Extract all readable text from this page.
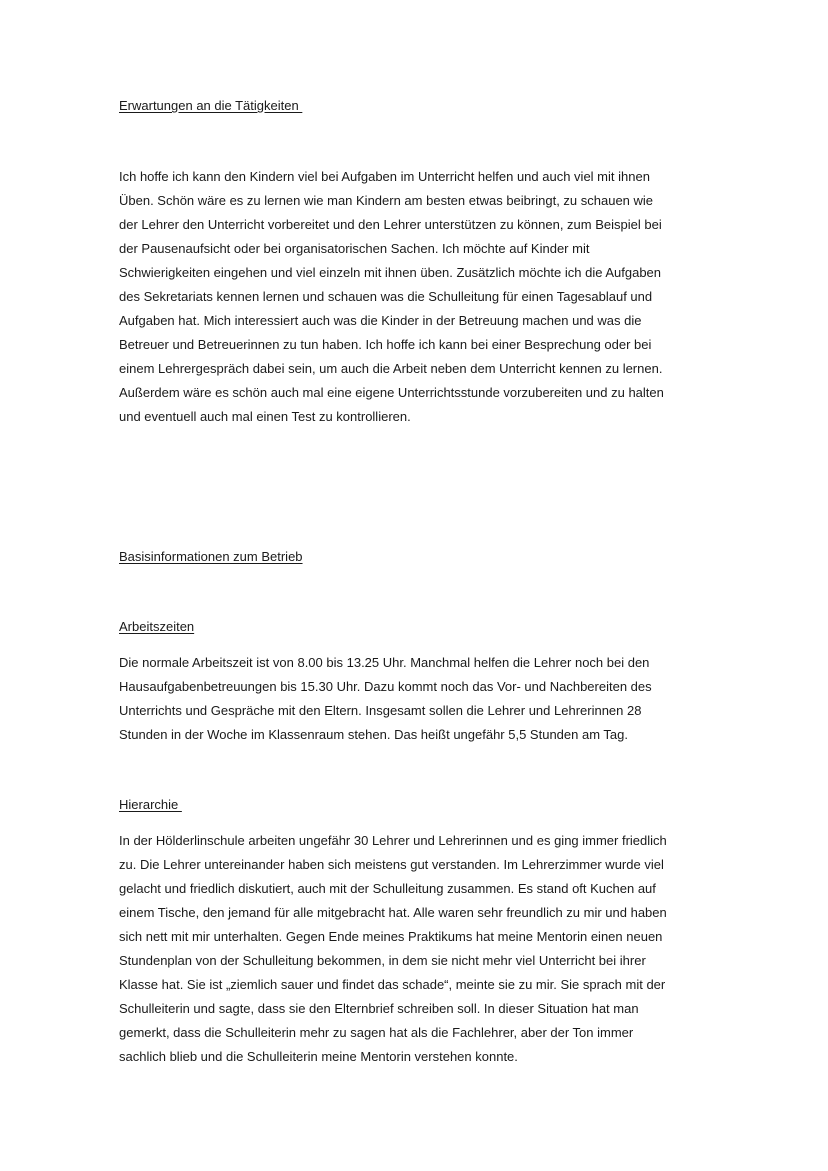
Erwartungen an die Tätigkeiten
Ich hoffe ich kann den Kindern viel bei Aufgaben im Unterricht helfen und auch viel mit ihnen
Üben. Schön wäre es zu lernen wie man Kindern am besten etwas beibringt, zu schauen wie
der Lehrer den Unterricht vorbereitet und den Lehrer unterstützen zu können, zum Beispiel bei
der Pausenaufsicht oder bei organisatorischen Sachen. Ich möchte auf Kinder mit
Schwierigkeiten eingehen und viel einzeln mit ihnen üben. Zusätzlich möchte ich die Aufgaben
des Sekretariats kennen lernen und schauen was die Schulleitung für einen Tagesablauf und
Aufgaben hat. Mich interessiert auch was die Kinder in der Betreuung machen und was die
Betreuer und Betreuerinnen zu tun haben. Ich hoffe ich kann bei einer Besprechung oder bei
einem Lehrergespräch dabei sein, um auch die Arbeit neben dem Unterricht kennen zu lernen.
Außerdem wäre es schön auch mal eine eigene Unterrichtsstunde vorzubereiten und zu halten
und eventuell auch mal einen Test zu kontrollieren.
Basisinformationen zum Betrieb
Arbeitszeiten
Die normale Arbeitszeit ist von 8.00 bis 13.25 Uhr. Manchmal helfen die Lehrer noch bei den
Hausaufgabenbetreuungen bis 15.30 Uhr. Dazu kommt noch das Vor- und Nachbereiten des
Unterrichts und Gespräche mit den Eltern. Insgesamt sollen die Lehrer und Lehrerinnen 28
Stunden in der Woche im Klassenraum stehen. Das heißt ungefähr 5,5 Stunden am Tag.
Hierarchie
In der Hölderlinschule arbeiten ungefähr 30 Lehrer und Lehrerinnen und es ging immer friedlich
zu. Die Lehrer untereinander haben sich meistens gut verstanden. Im Lehrerzimmer wurde viel
gelacht und friedlich diskutiert, auch mit der Schulleitung zusammen. Es stand oft Kuchen auf
einem Tische, den jemand für alle mitgebracht hat. Alle waren sehr freundlich zu mir und haben
sich nett mit mir unterhalten. Gegen Ende meines Praktikums hat meine Mentorin einen neuen
Stundenplan von der Schulleitung bekommen, in dem sie nicht mehr viel Unterricht bei ihrer
Klasse hat. Sie ist „ziemlich sauer und findet das schade“, meinte sie zu mir. Sie sprach mit der
Schulleiterin und sagte, dass sie den Elternbrief schreiben soll. In dieser Situation hat man
gemerkt, dass die Schulleiterin mehr zu sagen hat als die Fachlehrer, aber der Ton immer
sachlich blieb und die Schulleiterin meine Mentorin verstehen konnte.
